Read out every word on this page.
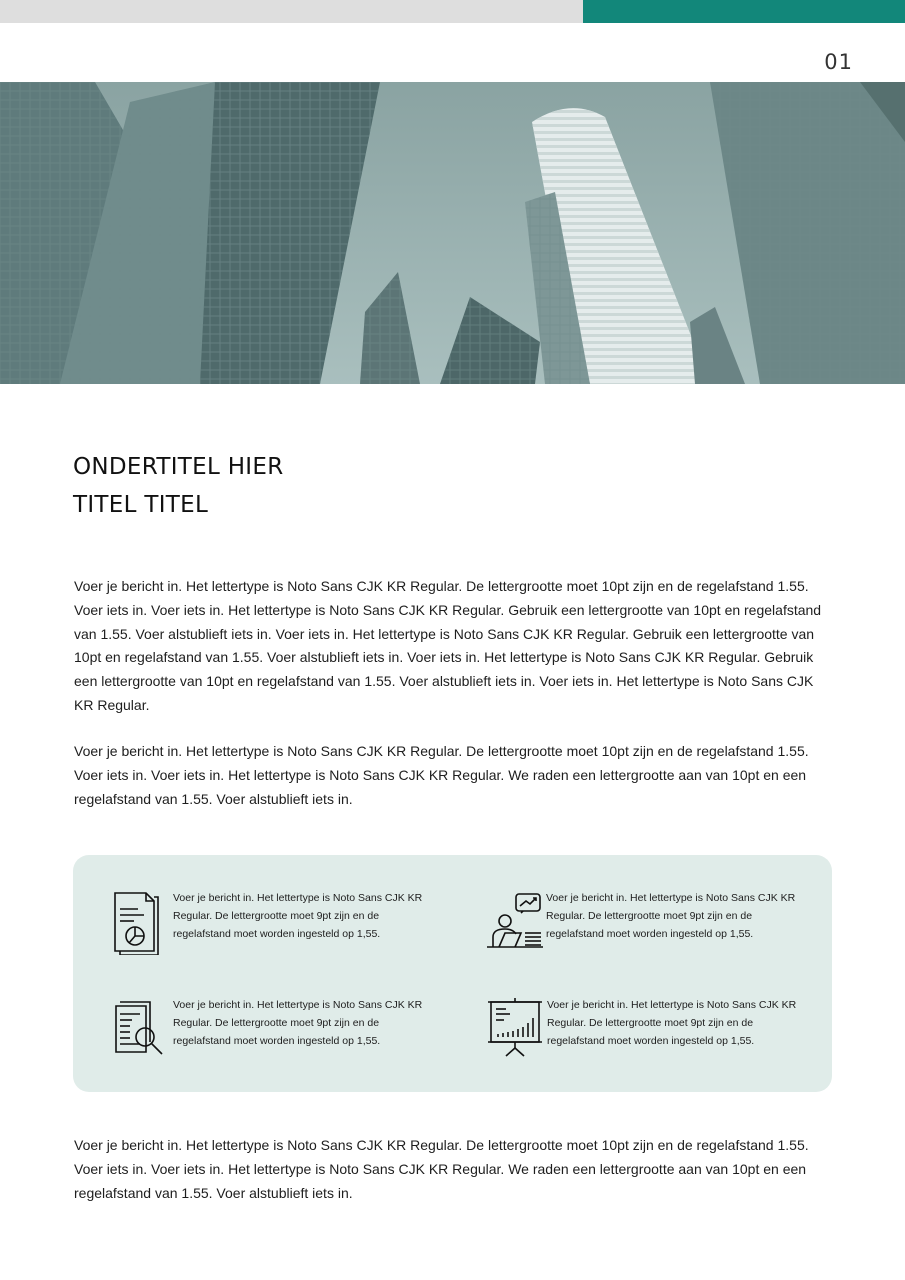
01
ONDERTITEL HIER
TITEL TITEL

Voer je bericht in. Het lettertype is Noto Sans CJK KR Regular. De lettergrootte moet 10pt zijn en de regelafstand 1.55. Voer iets in. Voer iets in. Het lettertype is Noto Sans CJK KR Regular. Gebruik een lettergrootte van 10pt en regelafstand van 1.55. Voer alstublieft iets in. Voer iets in. Het lettertype is Noto Sans CJK KR Regular. Gebruik een lettergrootte van 10pt en regelafstand van 1.55. Voer alstublieft iets in. Voer iets in. Het lettertype is Noto Sans CJK KR Regular. Gebruik een lettergrootte van 10pt en regelafstand van 1.55. Voer alstublieft iets in. Voer iets in. Het lettertype is Noto Sans CJK KR Regular.

Voer je bericht in. Het lettertype is Noto Sans CJK KR Regular. De lettergrootte moet 10pt zijn en de regelafstand 1.55. Voer iets in. Voer iets in. Het lettertype is Noto Sans CJK KR Regular. We raden een lettergrootte aan van 10pt en een regelafstand van 1.55. Voer alstublieft iets in.

Voer je bericht in. Het lettertype is Noto Sans CJK KR Regular. De lettergrootte moet 9pt zijn en de regelafstand moet worden ingesteld op 1,55.

Voer je bericht in. Het lettertype is Noto Sans CJK KR Regular. De lettergrootte moet 9pt zijn en de regelafstand moet worden ingesteld op 1,55.

Voer je bericht in. Het lettertype is Noto Sans CJK KR Regular. De lettergrootte moet 9pt zijn en de regelafstand moet worden ingesteld op 1,55.

Voer je bericht in. Het lettertype is Noto Sans CJK KR Regular. De lettergrootte moet 9pt zijn en de regelafstand moet worden ingesteld op 1,55.

Voer je bericht in. Het lettertype is Noto Sans CJK KR Regular. De lettergrootte moet 10pt zijn en de regelafstand 1.55. Voer iets in. Voer iets in. Het lettertype is Noto Sans CJK KR Regular. We raden een lettergrootte aan van 10pt en een regelafstand van 1.55. Voer alstublieft iets in.
